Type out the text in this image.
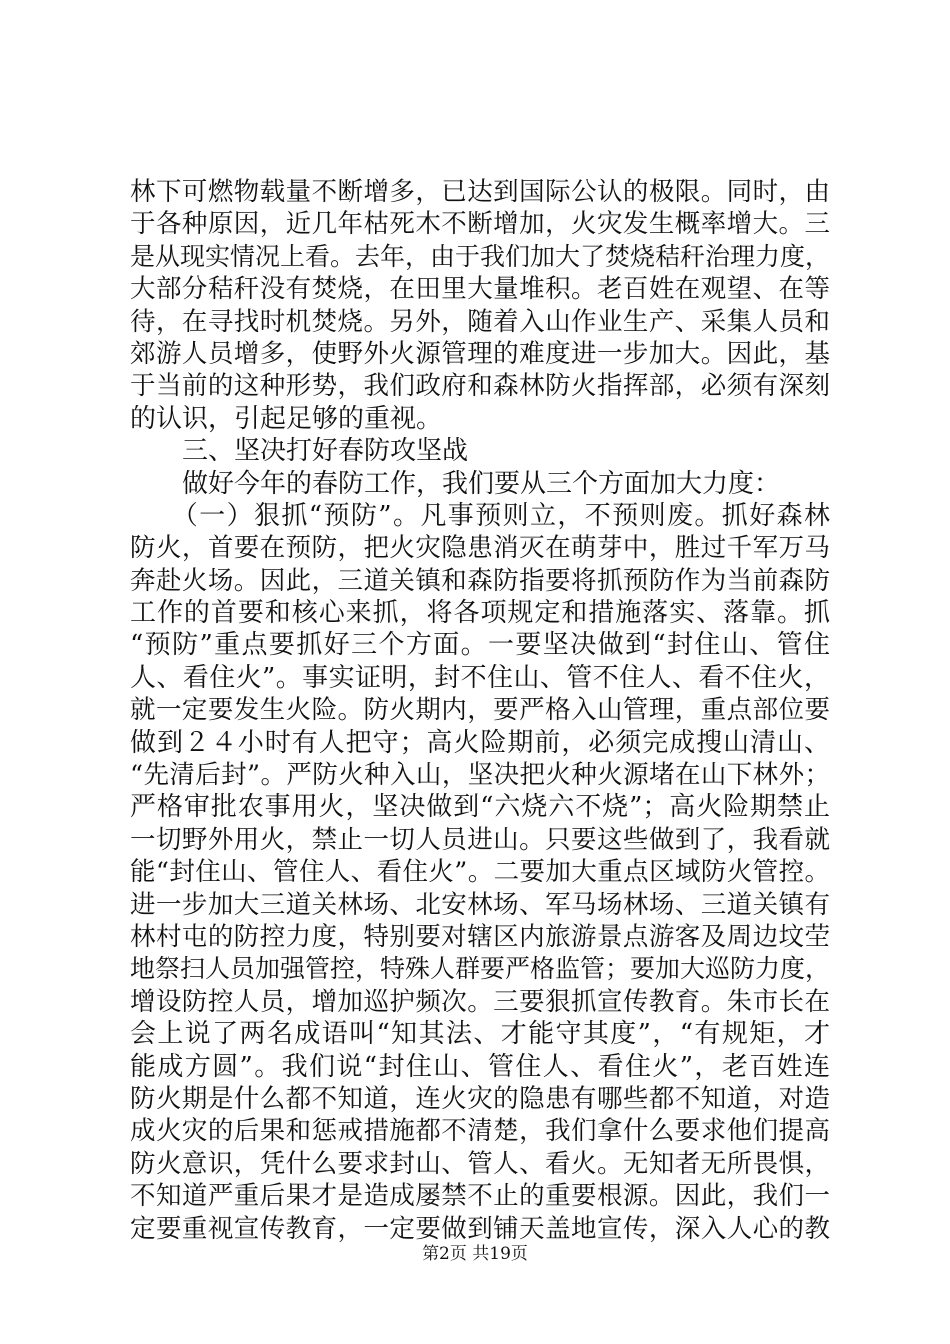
林下可燃物载量不断增多，已达到国际公认的极限。同时，由
于各种原因，近几年枯死木不断增加，火灾发生概率增大。三
是从现实情况上看。去年，由于我们加大了焚烧秸秆治理力度，
大部分秸秆没有焚烧，在田里大量堆积。老百姓在观望、在等
待，在寻找时机焚烧。另外，随着入山作业生产、采集人员和
郊游人员增多，使野外火源管理的难度进一步加大。因此，基
于当前的这种形势，我们政府和森林防火指挥部，必须有深刻
的认识，引起足够的重视。
　　三、坚决打好春防攻坚战
　　做好今年的春防工作，我们要从三个方面加大力度：
　　（一）狠抓“预防”。凡事预则立，不预则废。抓好森林
防火，首要在预防，把火灾隐患消灭在萌芽中，胜过千军万马
奔赴火场。因此，三道关镇和森防指要将抓预防作为当前森防
工作的首要和核心来抓，将各项规定和措施落实、落靠。抓
“预防”重点要抓好三个方面。一要坚决做到“封住山、管住
人、看住火”。事实证明，封不住山、管不住人、看不住火，
就一定要发生火险。防火期内，要严格入山管理，重点部位要
做到２４小时有人把守；高火险期前，必须完成搜山清山、
“先清后封”。严防火种入山，坚决把火种火源堵在山下林外；
严格审批农事用火，坚决做到“六烧六不烧”；高火险期禁止
一切野外用火，禁止一切人员进山。只要这些做到了，我看就
能“封住山、管住人、看住火”。二要加大重点区域防火管控。
进一步加大三道关林场、北安林场、军马场林场、三道关镇有
林村屯的防控力度，特别要对辖区内旅游景点游客及周边坟茔
地祭扫人员加强管控，特殊人群要严格监管；要加大巡防力度，
增设防控人员，增加巡护频次。三要狠抓宣传教育。朱市长在
会上说了两名成语叫“知其法、才能守其度”，“有规矩，才
能成方圆”。我们说“封住山、管住人、看住火”，老百姓连
防火期是什么都不知道，连火灾的隐患有哪些都不知道，对造
成火灾的后果和惩戒措施都不清楚，我们拿什么要求他们提高
防火意识，凭什么要求封山、管人、看火。无知者无所畏惧，
不知道严重后果才是造成屡禁不止的重要根源。因此，我们一
定要重视宣传教育，一定要做到铺天盖地宣传，深入人心的教
第2页 共19页
